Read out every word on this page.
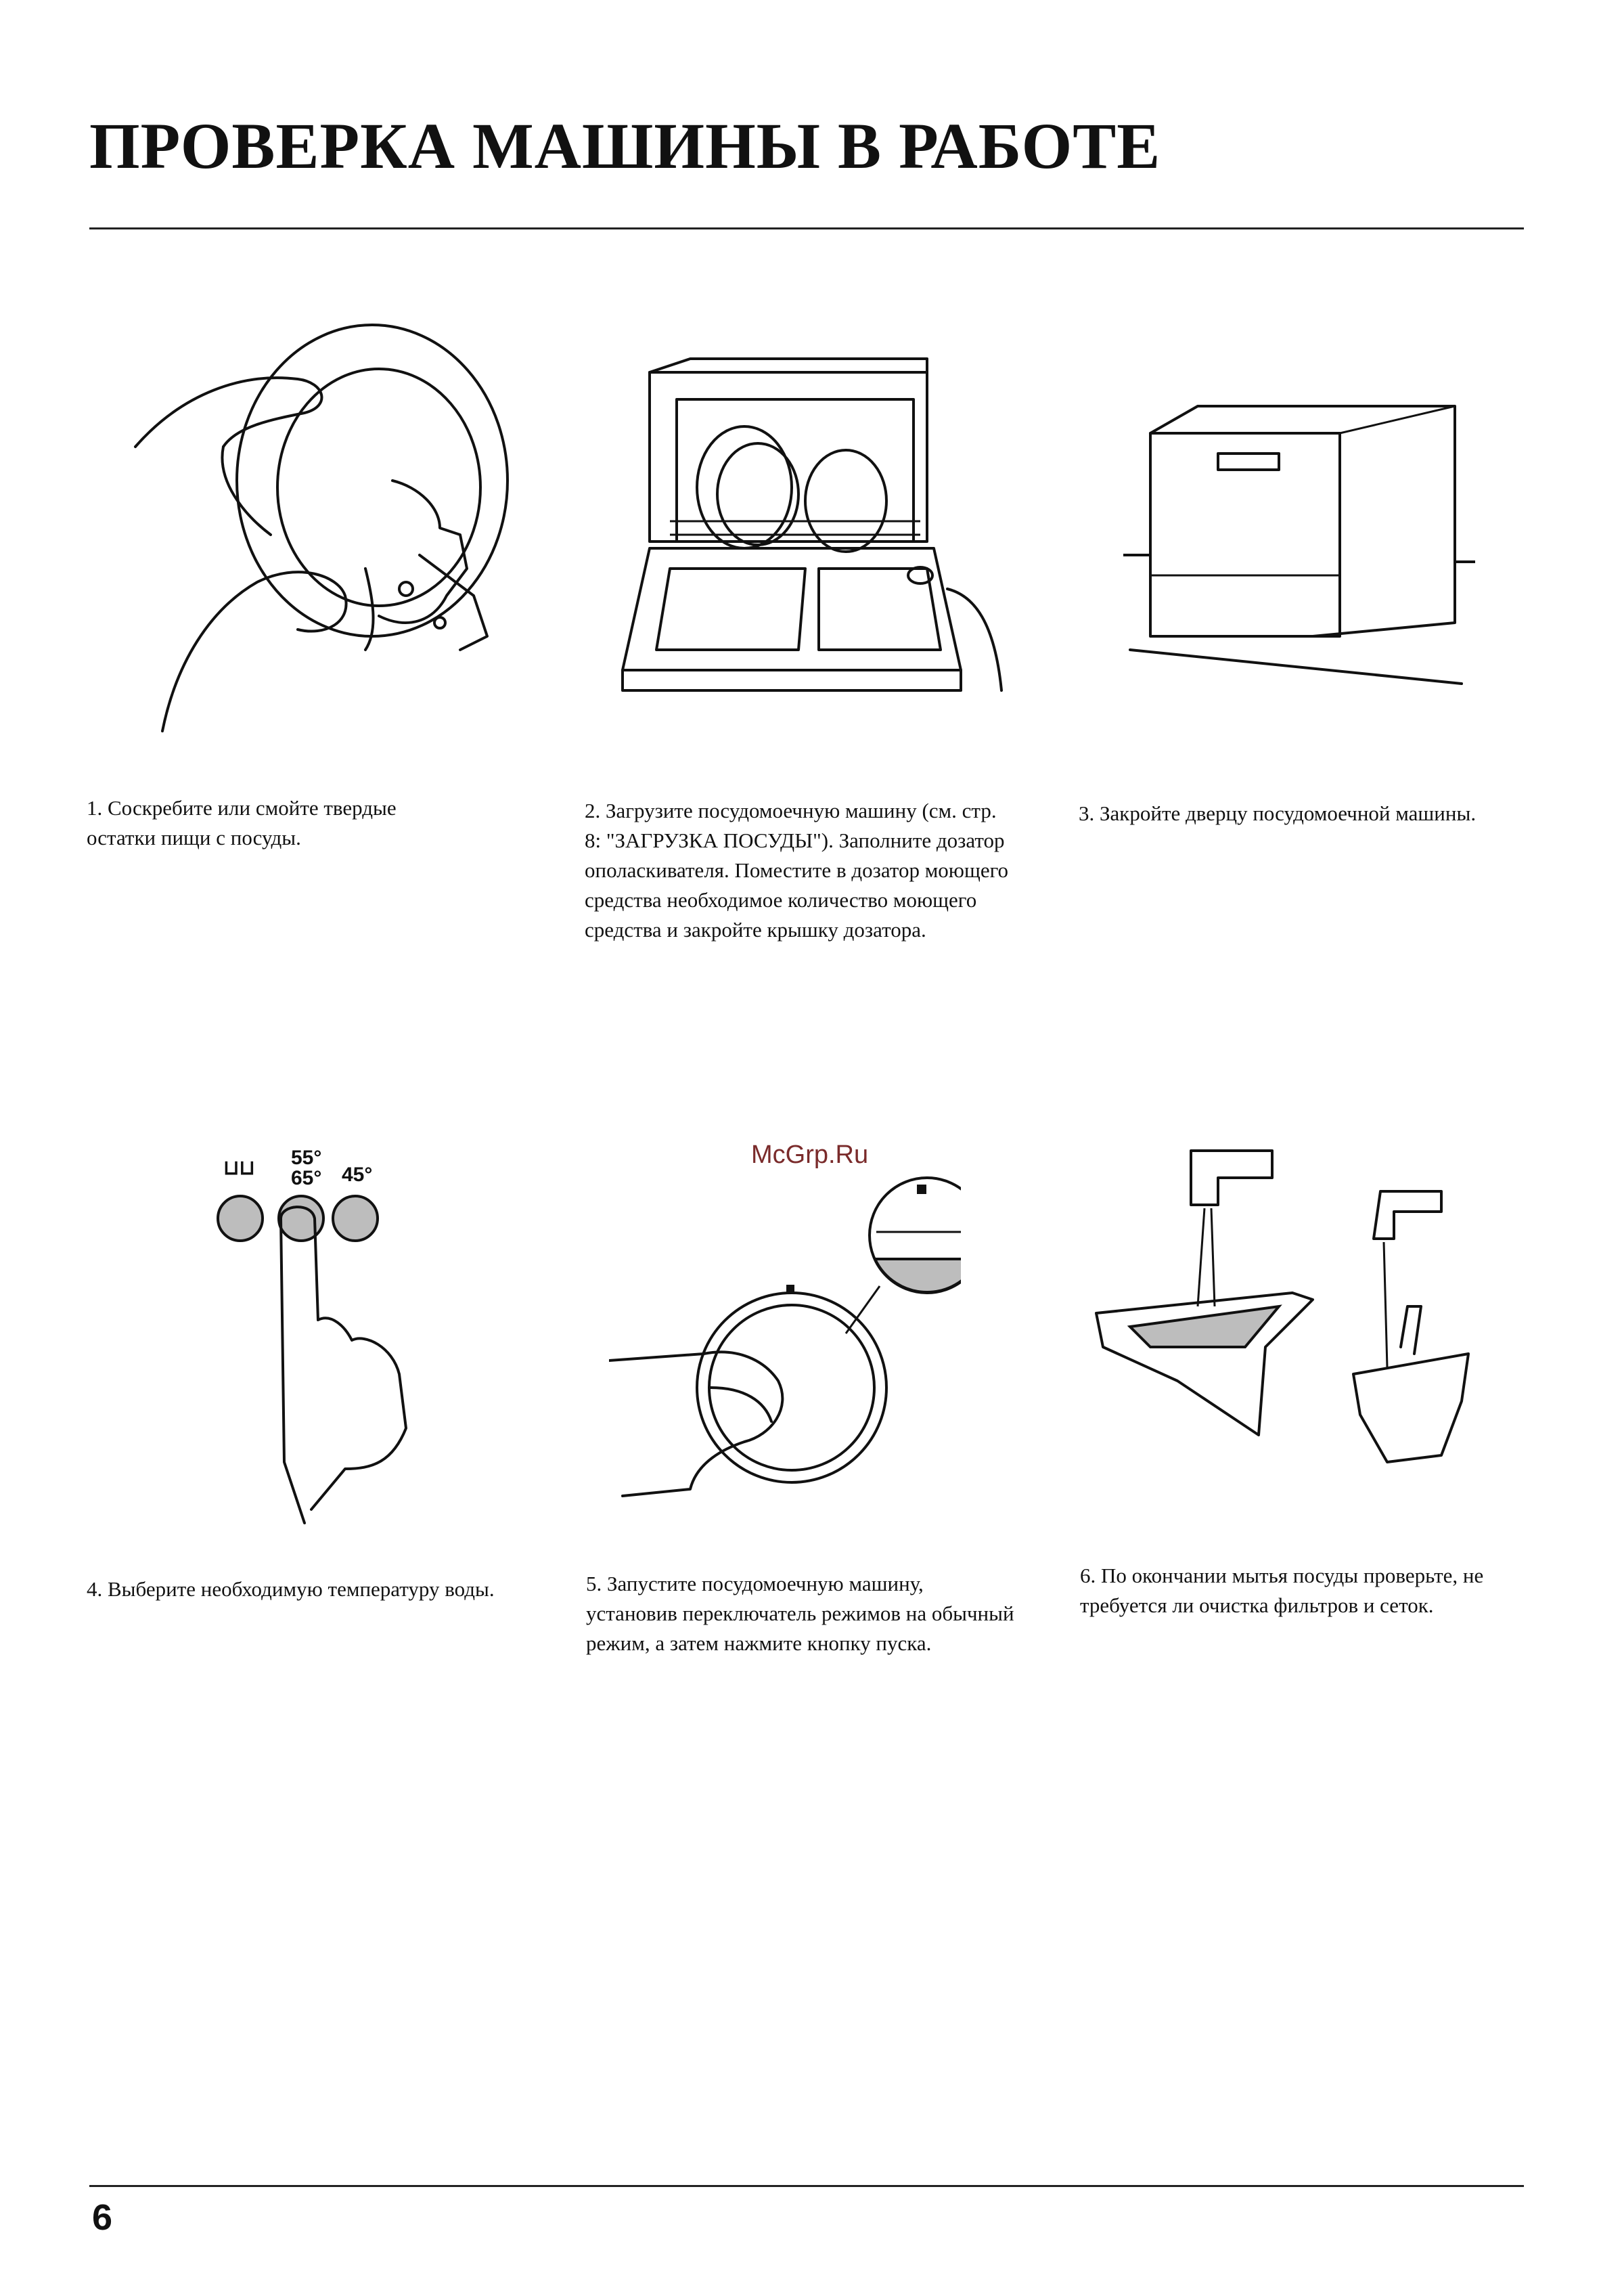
ПРОВЕРКА МАШИНЫ В РАБОТЕ

1. Соскребите или смойте твердые остатки пищи с посуды.

2. Загрузите посудомоечную машину (см. стр. 8: "ЗАГРУЗКА ПОСУДЫ"). Заполните дозатор ополаскивателя. Поместите в дозатор моющего средства необходимое количество моющего средства и закройте крышку дозатора.

3. Закройте дверцу посудомоечной машины.

⊔⊔ 55°
65° 45°
McGrp.Ru

4. Выберите необходимую температуру воды.	5. Запустите посудомоечную машину, установив переключатель режимов на обычный режим, а затем нажмите кнопку пуска.

6. По окончании мытья посуды проверьте, не требуется ли очистка фильтров и сеток.

6
